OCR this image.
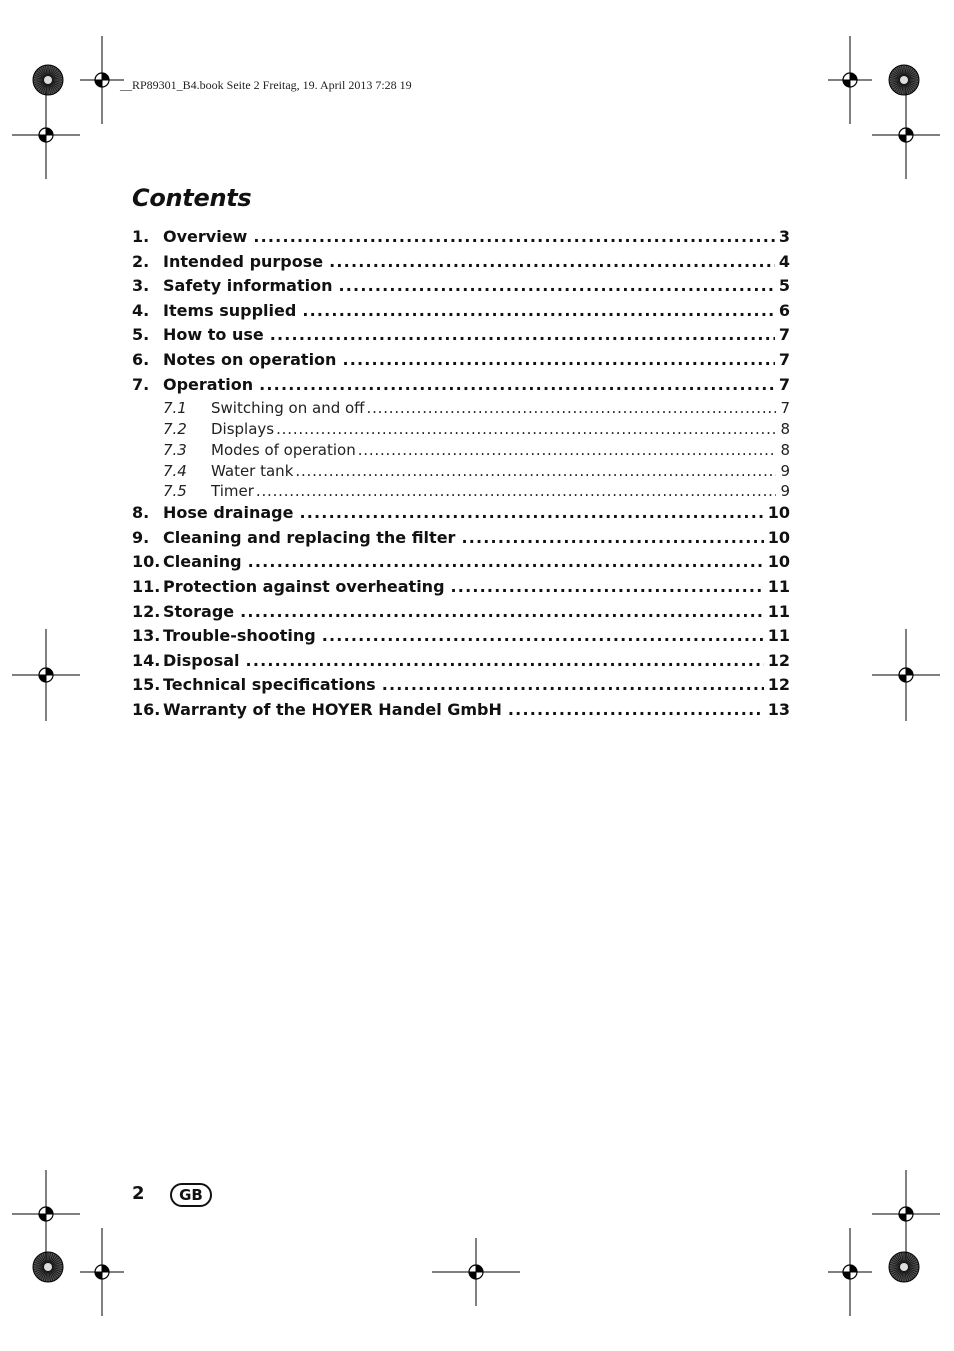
__RP89301_B4.book Seite 2 Freitag, 19. April 2013 7:28 19
Contents
1. Overview .....	3
2. Intended purpose .....	4
3. Safety information .....	5
4. Items supplied .....	6
5. How to use .....	7
6. Notes on operation .....	7
7. Operation .....	7
7.1	Switching on and off .....	7
7.2	Displays .....	8
7.3	Modes of operation .....	8
7.4	Water tank .....	9
7.5	Timer .....	9
8. Hose drainage .....	10
9. Cleaning and replacing the filter .....	10
10. Cleaning .....	10
11. Protection against overheating .....	11
12. Storage .....	11
13. Trouble-shooting .....	11
14. Disposal .....	12
15. Technical specifications .....	12
16. Warranty of the HOYER Handel GmbH .....	13
2	GB
